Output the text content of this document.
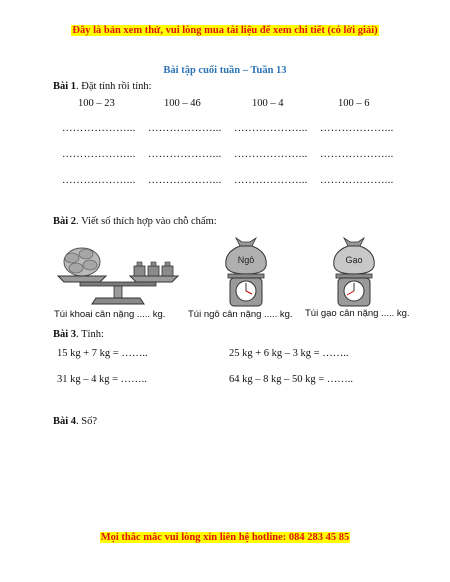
Đây là bản xem thử, vui lòng mua tài liệu để xem chi tiết (có lời giải)
Bài tập cuối tuần – Tuần 13
Bài 1. Đặt tính rồi tính:
100 – 23	100 – 46	100 – 4	100 – 6
………………... ………………... ………………... ………………...
………………... ………………... ………………... ………………...
………………... ………………... ………………... ………………...
Bài 2. Viết số thích hợp vào chỗ chấm:
Ngô	Gạo
Túi khoai cân nặng ..... kg. Túi ngô cân nặng ..... kg. Túi gạo cân nặng ..... kg.
Bài 3. Tính:
15 kg + 7 kg = ……..	25 kg + 6 kg – 3 kg = ……..
31 kg – 4 kg = ……..	64 kg – 8 kg – 50 kg = ……..
Bài 4. Số?
Mọi thắc mắc vui lòng xin liên hệ hotline: 084 283 45 85
